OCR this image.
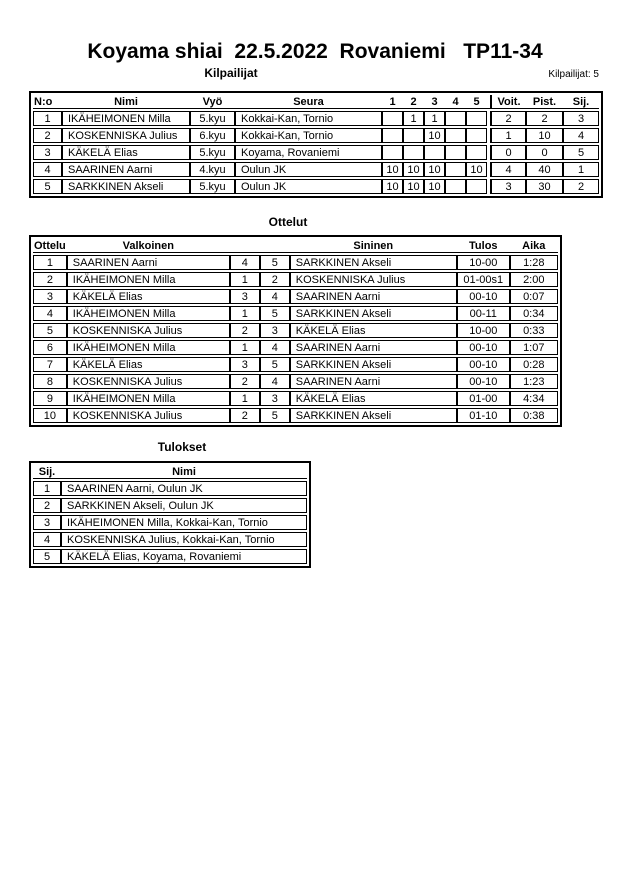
Koyama shiai  22.5.2022  Rovaniemi   TP11-34
Kilpailijat	Kilpailijat: 5
N:o	Nimi	Vyö	Seura	1	2	3	4	5		Voit.	Pist.	Sij.
1	IKÄHEIMONEN Milla	5.kyu	Kokkai-Kan, Tornio		1	1				2	2	3
2	KOSKENNISKA Julius	6.kyu	Kokkai-Kan, Tornio			10				1	10	4
3	KÄKELÄ Elias	5.kyu	Koyama, Rovaniemi							0	0	5
4	SAARINEN Aarni	4.kyu	Oulun JK	10	10	10		10		4	40	1
5	SARKKINEN Akseli	5.kyu	Oulun JK	10	10	10				3	30	2
Ottelut
Ottelu	Valkoinen			Sininen	Tulos	Aika
1	SAARINEN Aarni	4	5	SARKKINEN Akseli	10-00	1:28
2	IKÄHEIMONEN Milla	1	2	KOSKENNISKA Julius	01-00s1	2:00
3	KÄKELÄ Elias	3	4	SAARINEN Aarni	00-10	0:07
4	IKÄHEIMONEN Milla	1	5	SARKKINEN Akseli	00-11	0:34
5	KOSKENNISKA Julius	2	3	KÄKELÄ Elias	10-00	0:33
6	IKÄHEIMONEN Milla	1	4	SAARINEN Aarni	00-10	1:07
7	KÄKELÄ Elias	3	5	SARKKINEN Akseli	00-10	0:28
8	KOSKENNISKA Julius	2	4	SAARINEN Aarni	00-10	1:23
9	IKÄHEIMONEN Milla	1	3	KÄKELÄ Elias	01-00	4:34
10	KOSKENNISKA Julius	2	5	SARKKINEN Akseli	01-10	0:38
Tulokset
Sij.	Nimi
1	SAARINEN Aarni, Oulun JK
2	SARKKINEN Akseli, Oulun JK
3	IKÄHEIMONEN Milla, Kokkai-Kan, Tornio
4	KOSKENNISKA Julius, Kokkai-Kan, Tornio
5	KÄKELÄ Elias, Koyama, Rovaniemi
